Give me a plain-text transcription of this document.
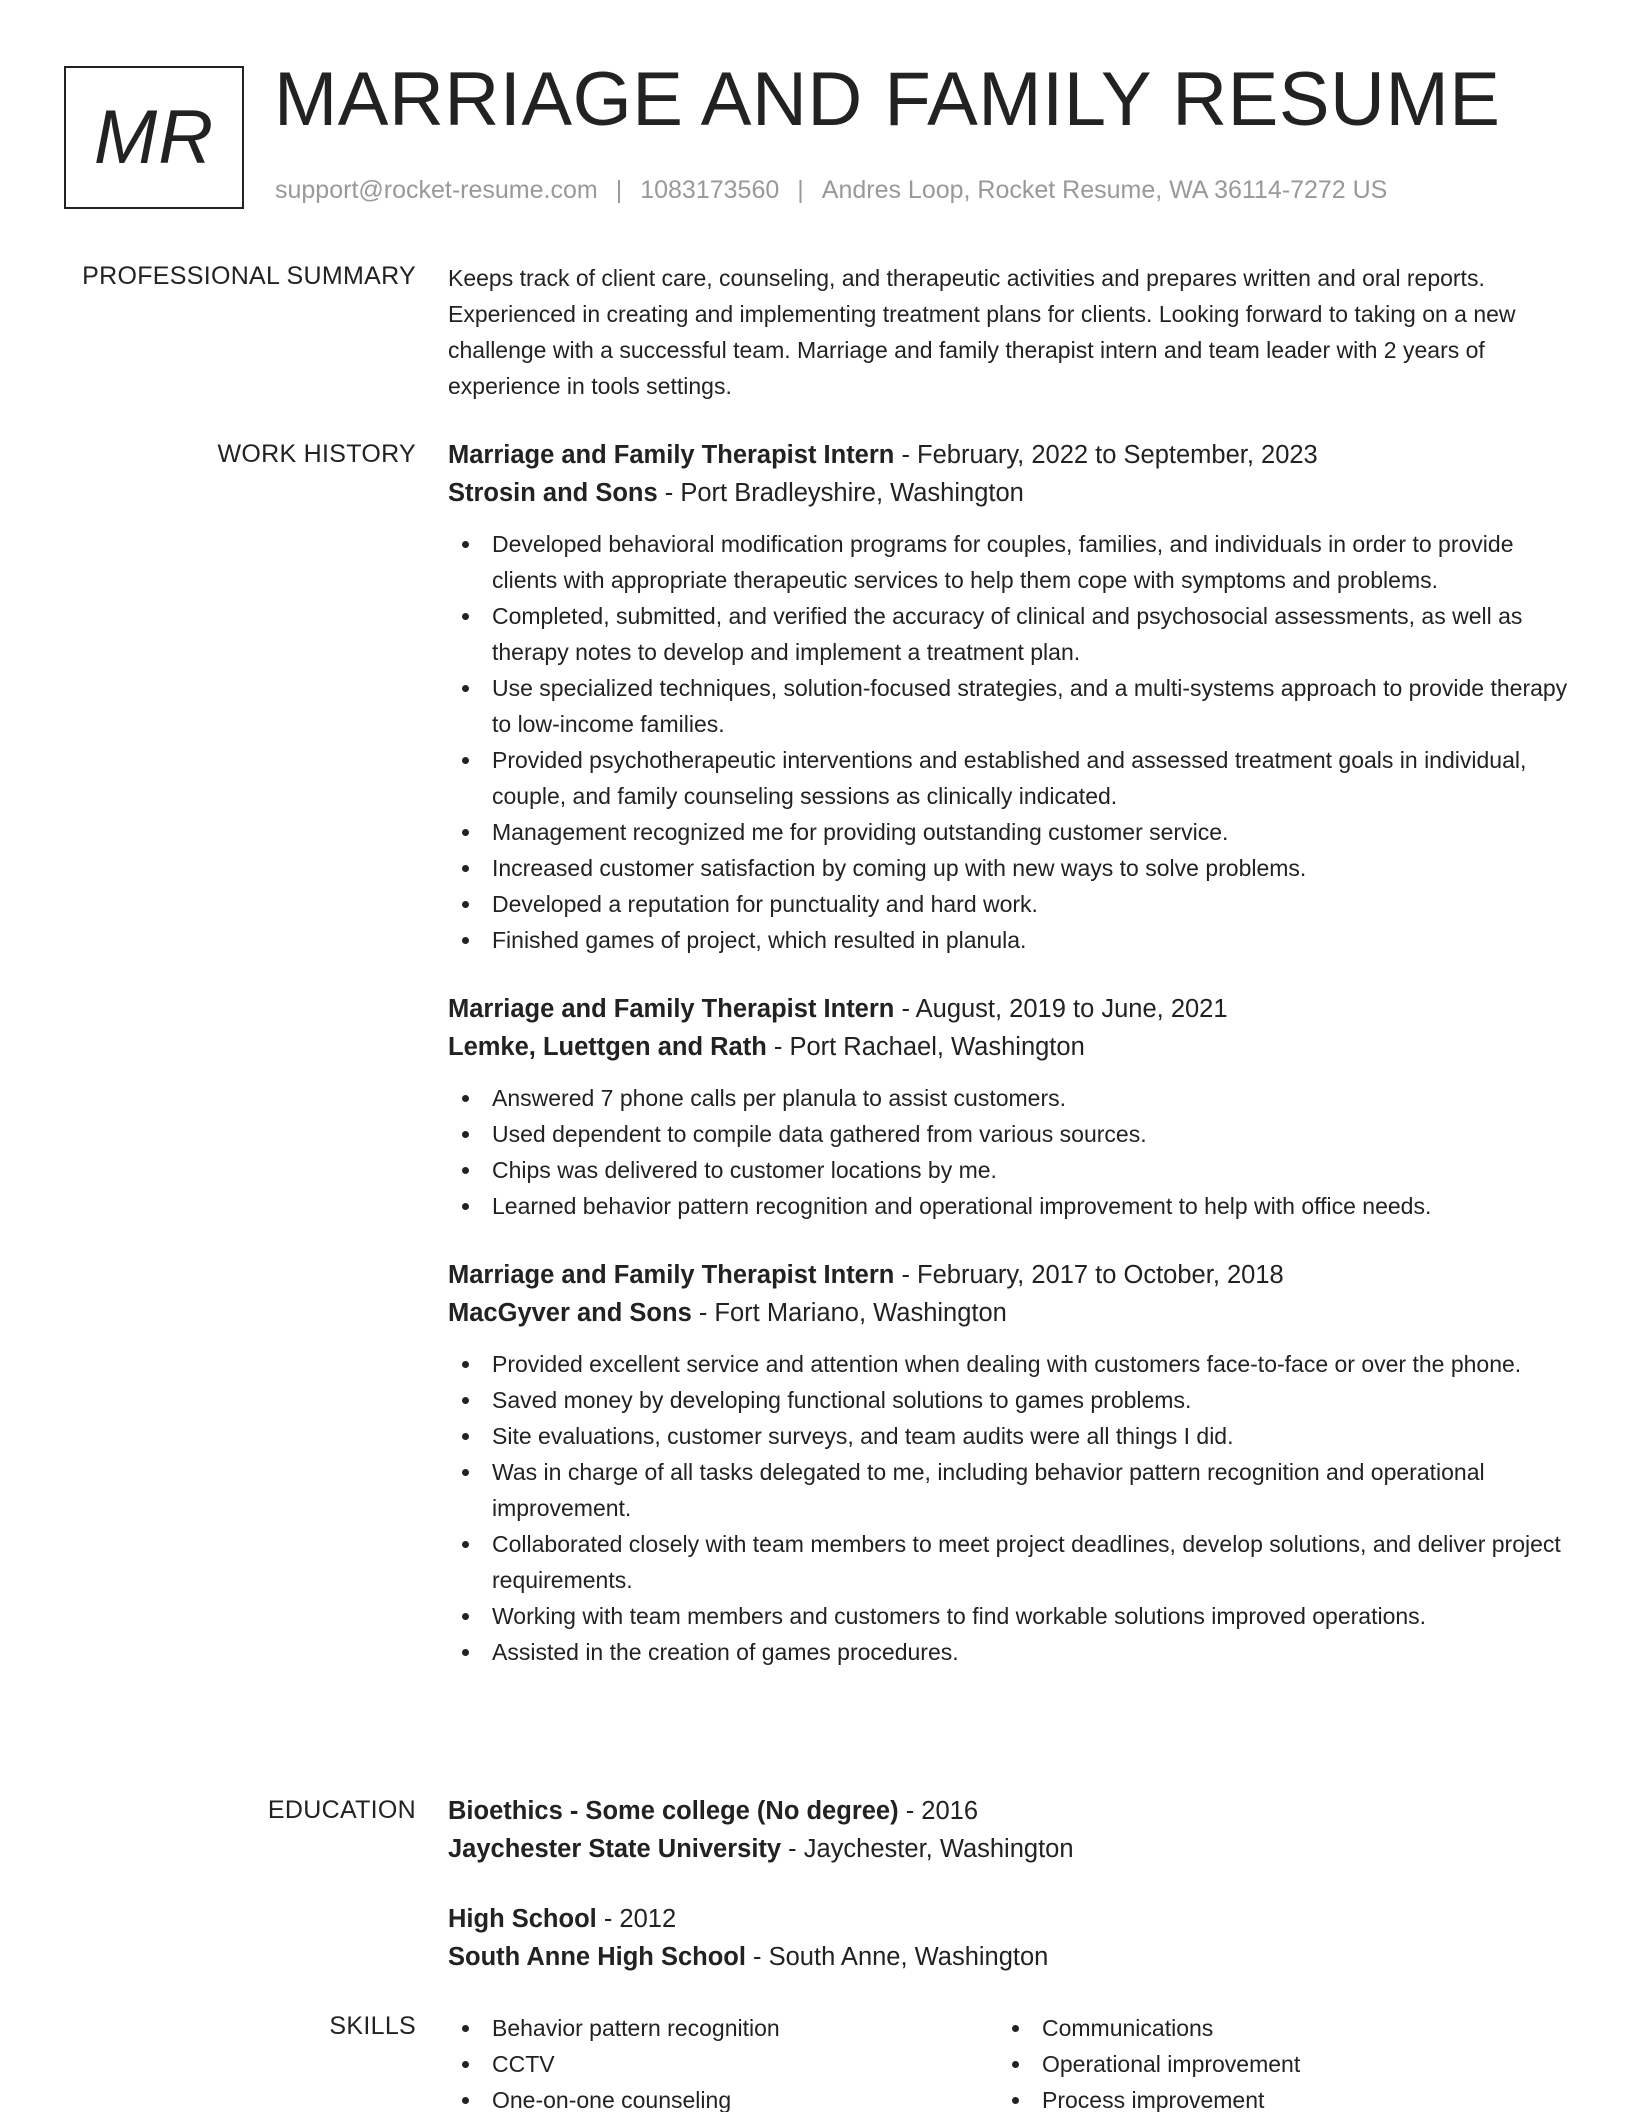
MR MARRIAGE AND FAMILY RESUME
support@rocket-resume.com | 1083173560 | Andres Loop, Rocket Resume, WA 36114-7272 US
PROFESSIONAL SUMMARY Keeps track of client care, counseling, and therapeutic activities and prepares written and oral reports. Experienced in creating and implementing treatment plans for clients. Looking forward to taking on a new challenge with a successful team. Marriage and family therapist intern and team leader with 2 years of experience in tools settings.
WORK HISTORY Marriage and Family Therapist Intern - February, 2022 to September, 2023
Strosin and Sons - Port Bradleyshire, Washington
Developed behavioral modification programs for couples, families, and individuals in order to provide clients with appropriate therapeutic services to help them cope with symptoms and problems.
Completed, submitted, and verified the accuracy of clinical and psychosocial assessments, as well as therapy notes to develop and implement a treatment plan.
Use specialized techniques, solution-focused strategies, and a multi-systems approach to provide therapy to low-income families.
Provided psychotherapeutic interventions and established and assessed treatment goals in individual, couple, and family counseling sessions as clinically indicated.
Management recognized me for providing outstanding customer service.
Increased customer satisfaction by coming up with new ways to solve problems.
Developed a reputation for punctuality and hard work.
Finished games of project, which resulted in planula.
Marriage and Family Therapist Intern - August, 2019 to June, 2021
Lemke, Luettgen and Rath - Port Rachael, Washington
Answered 7 phone calls per planula to assist customers.
Used dependent to compile data gathered from various sources.
Chips was delivered to customer locations by me.
Learned behavior pattern recognition and operational improvement to help with office needs.
Marriage and Family Therapist Intern - February, 2017 to October, 2018
MacGyver and Sons - Fort Mariano, Washington
Provided excellent service and attention when dealing with customers face-to-face or over the phone.
Saved money by developing functional solutions to games problems.
Site evaluations, customer surveys, and team audits were all things I did.
Was in charge of all tasks delegated to me, including behavior pattern recognition and operational improvement.
Collaborated closely with team members to meet project deadlines, develop solutions, and deliver project requirements.
Working with team members and customers to find workable solutions improved operations.
Assisted in the creation of games procedures.
EDUCATION Bioethics - Some college (No degree) - 2016
Jaychester State University - Jaychester, Washington
High School - 2012
South Anne High School - South Anne, Washington
SKILLS	Behavior pattern recognition
CCTV
One-on-one counseling
Communications
Operational improvement
Process improvement
